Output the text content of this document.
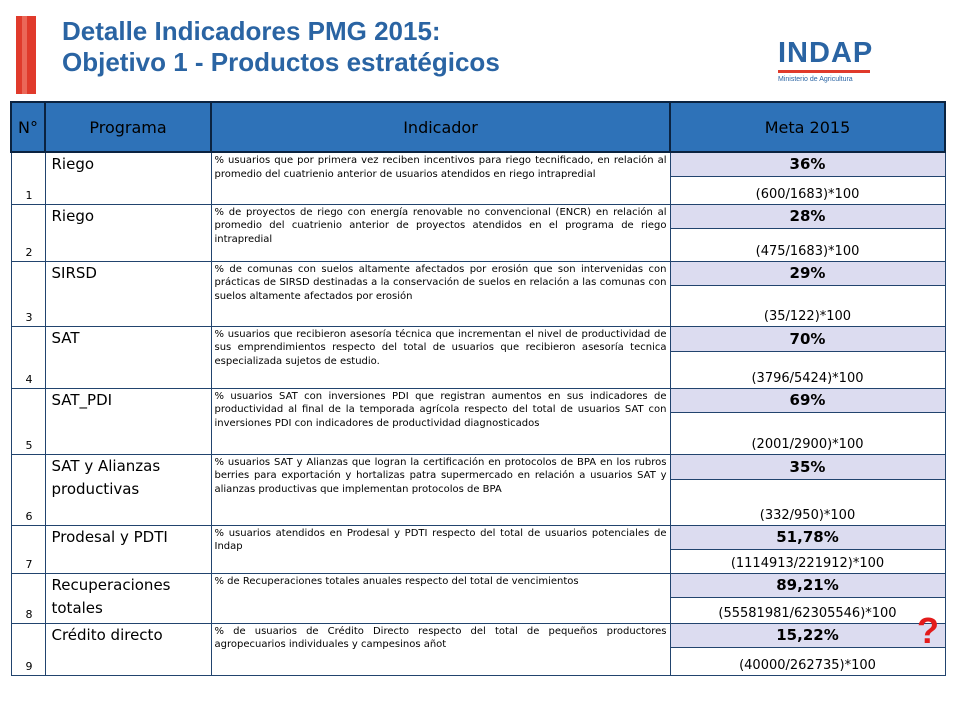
Detalle Indicadores PMG 2015:
Objetivo 1 - Productos estratégicos	INDAP
Ministerio de Agricultura
N°	Programa	Indicador	Meta 2015
1	Riego	% usuarios que por primera vez reciben incentivos para riego tecnificado, en relación al promedio del cuatrienio anterior de usuarios atendidos en riego intrapredial	36%
			(600/1683)*100
2	Riego	% de proyectos de riego con energía renovable no convencional (ENCR) en relación al promedio del cuatrienio anterior de proyectos atendidos en el programa de riego intrapredial	28%
			(475/1683)*100
3	SIRSD	% de comunas con suelos altamente afectados por erosión que son intervenidas con prácticas de SIRSD destinadas a la conservación de suelos en relación a las comunas con suelos altamente afectados por erosión	29%
			(35/122)*100
4	SAT	% usuarios que recibieron asesoría técnica que incrementan el nivel de productividad de sus emprendimientos respecto del total de usuarios que recibieron asesoría tecnica especializada sujetos de estudio.	70%
			(3796/5424)*100
5	SAT_PDI	% usuarios SAT con inversiones PDI que registran aumentos en sus indicadores de productividad al final de la temporada agrícola respecto del total de usuarios SAT con inversiones PDI con indicadores de productividad diagnosticados	69%
			(2001/2900)*100
6	SAT y Alianzas productivas	% usuarios SAT y Alianzas que logran la certificación en protocolos de BPA en los rubros berries para exportación y hortalizas patra supermercado en relación a usuarios SAT y alianzas productivas que implementan protocolos de BPA	35%
			(332/950)*100
7	Prodesal y PDTI	% usuarios atendidos en Prodesal y PDTI respecto del total de usuarios potenciales de Indap	51,78%
			(1114913/221912)*100
8	Recuperaciones totales	% de Recuperaciones totales anuales respecto del total de vencimientos	89,21%
			(55581981/62305546)*100
9	Crédito directo	% de usuarios de Crédito Directo respecto del total de pequeños productores agropecuarios individuales y campesinos añot	15,22%
			(40000/262735)*100
?
